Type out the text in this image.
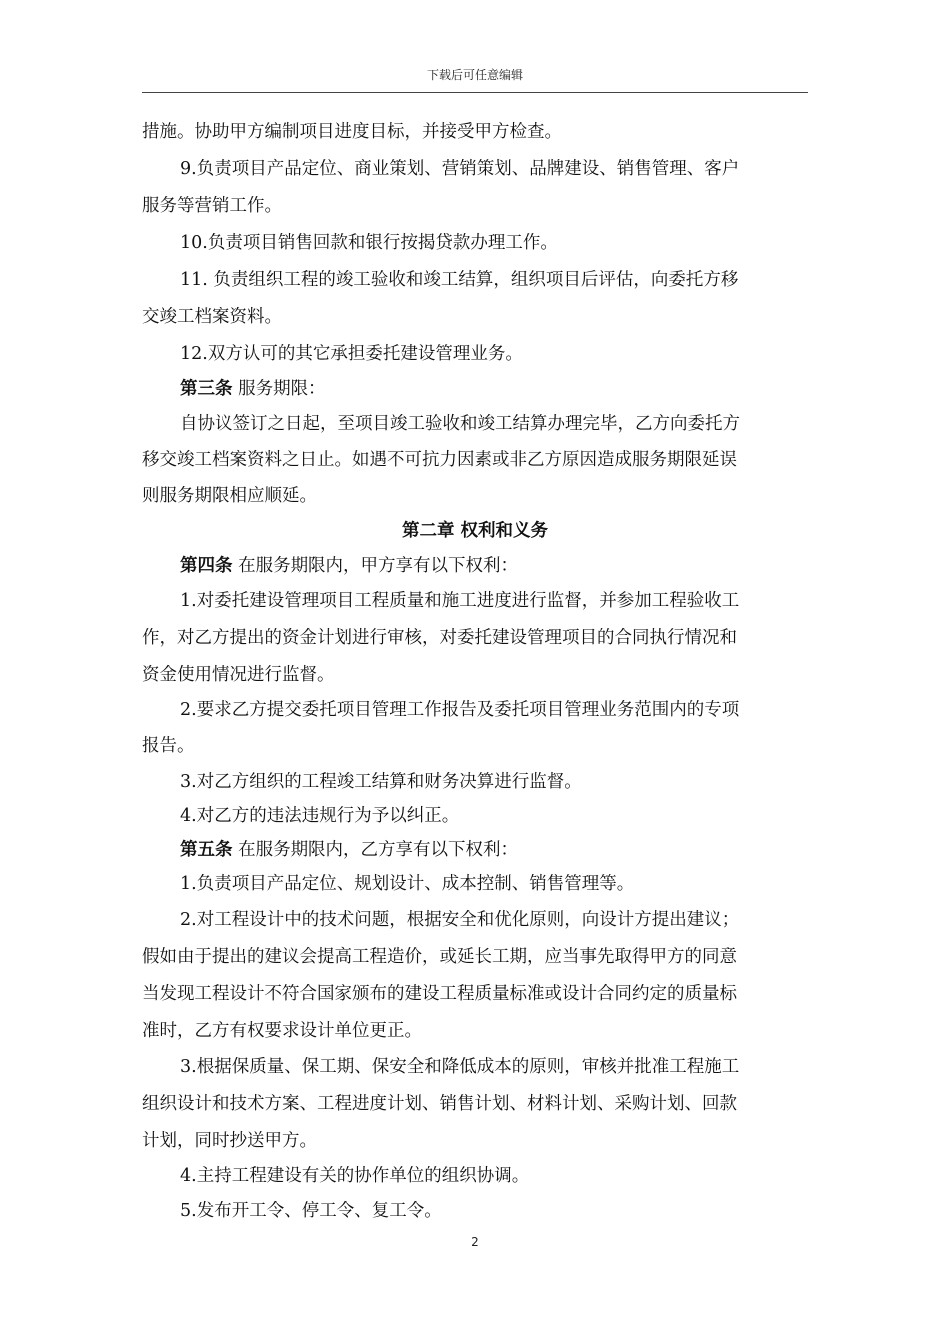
下载后可任意编辑
措施。协助甲方编制项目进度目标，并接受甲方检查。
9.负责项目产品定位、商业策划、营销策划、品牌建设、销售管理、客户
服务等营销工作。
10.负责项目销售回款和银行按揭贷款办理工作。
11. 负责组织工程的竣工验收和竣工结算，组织项目后评估，向委托方移
交竣工档案资料。
12.双方认可的其它承担委托建设管理业务。
第三条 服务期限：
自协议签订之日起，至项目竣工验收和竣工结算办理完毕，乙方向委托方
移交竣工档案资料之日止。如遇不可抗力因素或非乙方原因造成服务期限延误
则服务期限相应顺延。
第二章 权利和义务
第四条 在服务期限内，甲方享有以下权利：
1.对委托建设管理项目工程质量和施工进度进行监督，并参加工程验收工
作，对乙方提出的资金计划进行审核，对委托建设管理项目的合同执行情况和
资金使用情况进行监督。
2.要求乙方提交委托项目管理工作报告及委托项目管理业务范围内的专项
报告。
3.对乙方组织的工程竣工结算和财务决算进行监督。
4.对乙方的违法违规行为予以纠正。
第五条 在服务期限内，乙方享有以下权利：
1.负责项目产品定位、规划设计、成本控制、销售管理等。
2.对工程设计中的技术问题，根据安全和优化原则，向设计方提出建议；
假如由于提出的建议会提高工程造价，或延长工期，应当事先取得甲方的同意
当发现工程设计不符合国家颁布的建设工程质量标准或设计合同约定的质量标
准时，乙方有权要求设计单位更正。
3.根据保质量、保工期、保安全和降低成本的原则，审核并批准工程施工
组织设计和技术方案、工程进度计划、销售计划、材料计划、采购计划、回款
计划，同时抄送甲方。
4.主持工程建设有关的协作单位的组织协调。
5.发布开工令、停工令、复工令。
2
